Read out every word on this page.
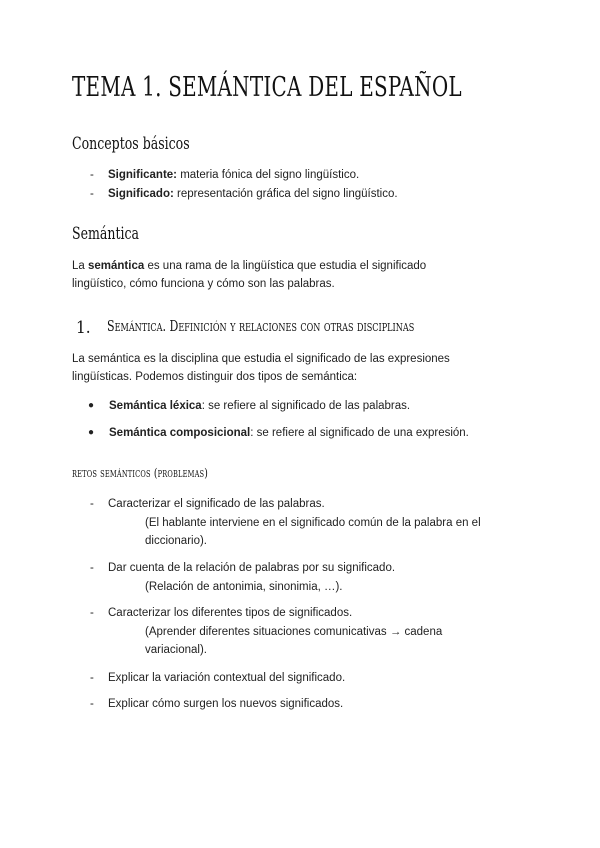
TEMA 1. SEMÁNTICA DEL ESPAÑOL

Conceptos básicos

-	Significante: materia fónica del signo lingüístico.
-	Significado: representación gráfica del signo lingüístico.

Semántica

La semántica es una rama de la lingüística que estudia el significado
lingüístico, cómo funciona y cómo son las palabras.
1. Semántica. Definición y relaciones con otras disciplinas

La semántica es la disciplina que estudia el significado de las expresiones
lingüísticas. Podemos distinguir dos tipos de semántica:
● Semántica léxica: se refiere al significado de las palabras.
● Semántica composicional: se refiere al significado de una expresión.

retos semánticos (problemas)

-	Caracterizar el significado de las palabras.
(El hablante interviene en el significado común de la palabra en el
diccionario).
-	Dar cuenta de la relación de palabras por su significado.
(Relación de antonimia, sinonimia, …).
-	Caracterizar los diferentes tipos de significados.
(Aprender diferentes situaciones comunicativas → cadena
variacional).
-	Explicar la variación contextual del significado.
-	Explicar cómo surgen los nuevos significados.
